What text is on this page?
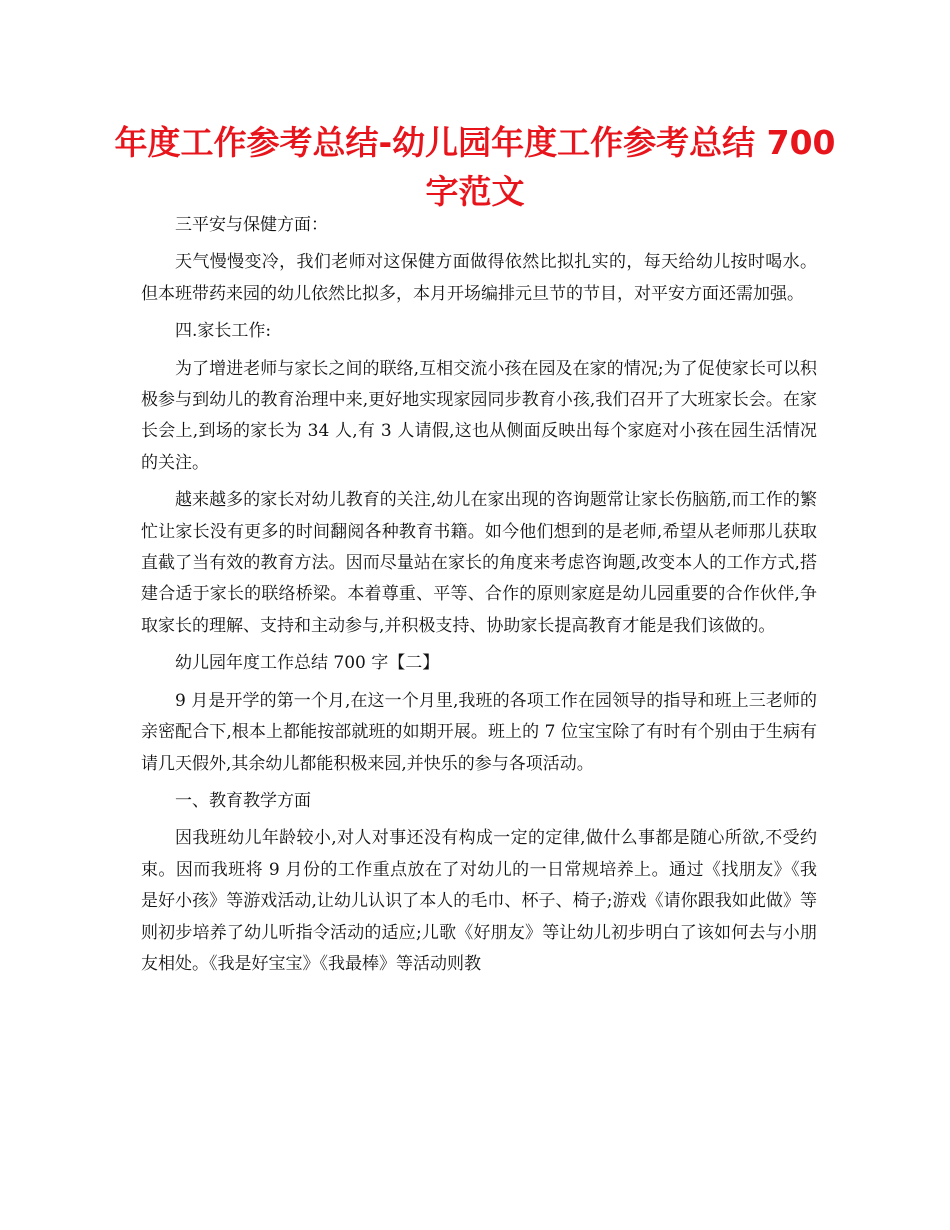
年度工作参考总结-幼儿园年度工作参考总结 700 字范文

三平安与保健方面：

天气慢慢变冷，我们老师对这保健方面做得依然比拟扎实的，每天给幼儿按时喝水。但本班带药来园的幼儿依然比拟多，本月开场编排元旦节的节目，对平安方面还需加强。

四.家长工作:

为了增进老师与家长之间的联络,互相交流小孩在园及在家的情况;为了促使家长可以积极参与到幼儿的教育治理中来,更好地实现家园同步教育小孩,我们召开了大班家长会。在家长会上,到场的家长为 34 人,有 3 人请假,这也从侧面反映出每个家庭对小孩在园生活情况的关注。

越来越多的家长对幼儿教育的关注,幼儿在家出现的咨询题常让家长伤脑筋,而工作的繁忙让家长没有更多的时间翻阅各种教育书籍。如今他们想到的是老师,希望从老师那儿获取直截了当有效的教育方法。因而尽量站在家长的角度来考虑咨询题,改变本人的工作方式,搭建合适于家长的联络桥梁。本着尊重、平等、合作的原则家庭是幼儿园重要的合作伙伴,争取家长的理解、支持和主动参与,并积极支持、协助家长提高教育才能是我们该做的。

幼儿园年度工作总结 700 字【二】

9 月是开学的第一个月,在这一个月里,我班的各项工作在园领导的指导和班上三老师的亲密配合下,根本上都能按部就班的如期开展。班上的 7 位宝宝除了有时有个别由于生病有请几天假外,其余幼儿都能积极来园,并快乐的参与各项活动。

一、教育教学方面

因我班幼儿年龄较小,对人对事还没有构成一定的定律,做什么事都是随心所欲,不受约束。因而我班将 9 月份的工作重点放在了对幼儿的一日常规培养上。通过《找朋友》《我是好小孩》等游戏活动,让幼儿认识了本人的毛巾、杯子、椅子;游戏《请你跟我如此做》等则初步培养了幼儿听指令活动的适应;儿歌《好朋友》等让幼儿初步明白了该如何去与小朋友相处。《我是好宝宝》《我最棒》等活动则教
